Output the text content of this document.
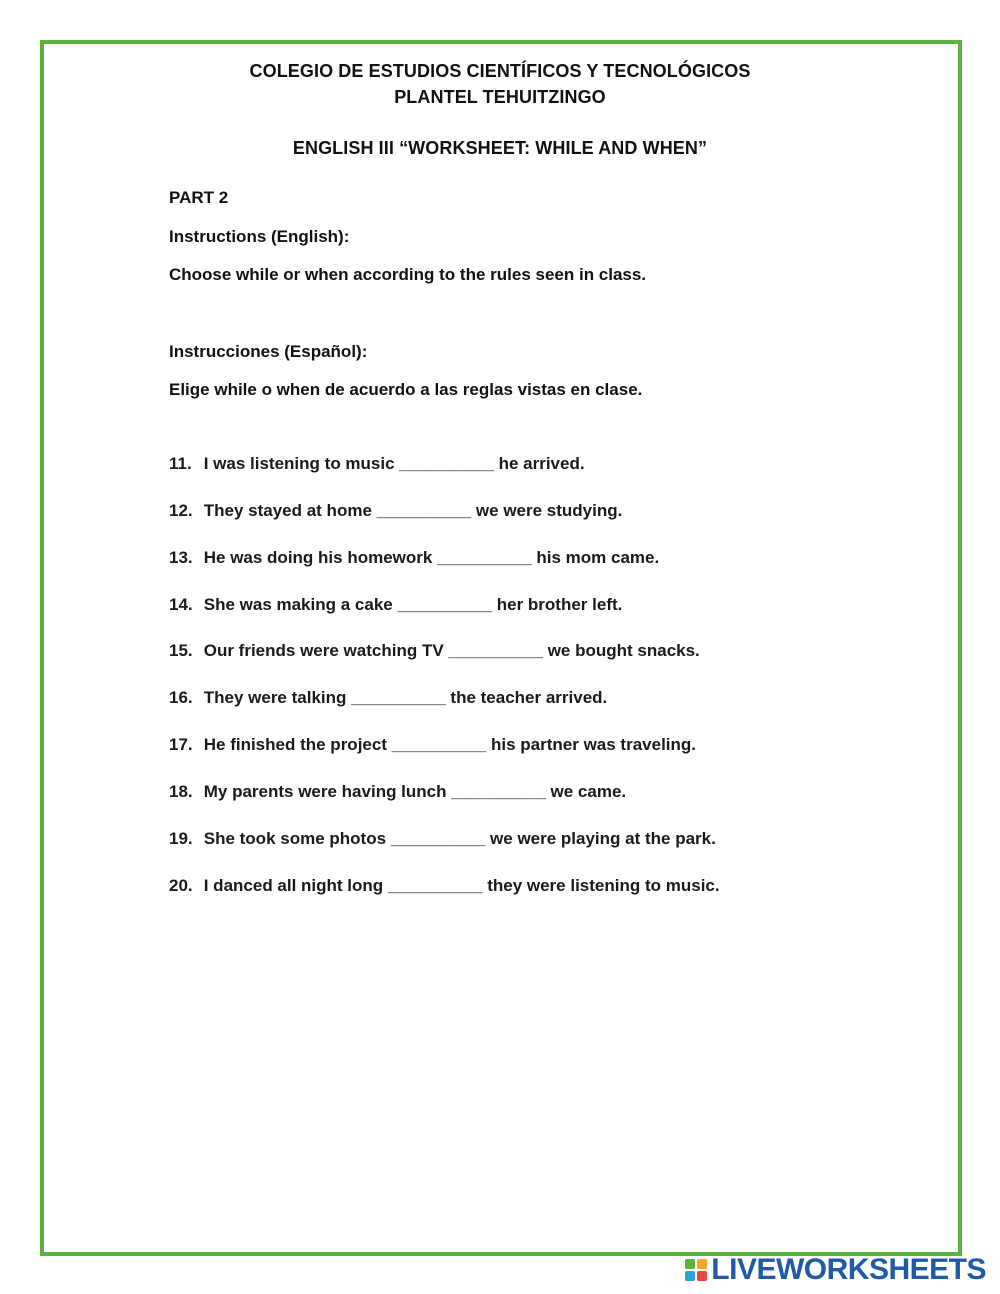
COLEGIO DE ESTUDIOS CIENTÍFICOS Y TECNOLÓGICOS
PLANTEL TEHUITZINGO
ENGLISH III “WORKSHEET: WHILE AND WHEN”
PART 2
Instructions (English):
Choose while or when according to the rules seen in class.
Instrucciones (Español):
Elige while o when de acuerdo a las reglas vistas en clase.
11. I was listening to music __________ he arrived.
12. They stayed at home __________ we were studying.
13. He was doing his homework __________ his mom came.
14. She was making a cake __________ her brother left.
15. Our friends were watching TV __________ we bought snacks.
16. They were talking __________ the teacher arrived.
17. He finished the project __________ his partner was traveling.
18. My parents were having lunch __________ we came.
19. She took some photos __________ we were playing at the park.
20. I danced all night long __________ they were listening to music.
LIVEWORKSHEETS
